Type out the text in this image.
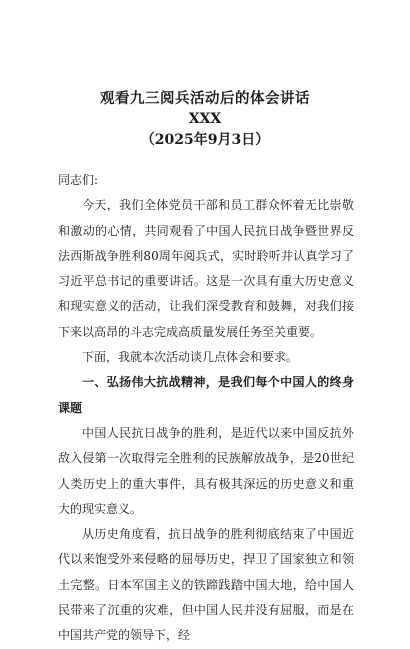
观看九三阅兵活动后的体会讲话
XXX
（2025年9月3日）

同志们:

今天，我们全体党员干部和员工群众怀着无比崇敬和激动的心情，共同观看了中国人民抗日战争暨世界反法西斯战争胜利80周年阅兵式，实时聆听并认真学习了习近平总书记的重要讲话。这是一次具有重大历史意义和现实意义的活动，让我们深受教育和鼓舞，对我们接下来以高昂的斗志完成高质量发展任务至关重要。

下面，我就本次活动谈几点体会和要求。

一、弘扬伟大抗战精神，是我们每个中国人的终身课题

中国人民抗日战争的胜利，是近代以来中国反抗外敌入侵第一次取得完全胜利的民族解放战争，是20世纪人类历史上的重大事件，具有极其深远的历史意义和重大的现实意义。

从历史角度看，抗日战争的胜利彻底结束了中国近代以来饱受外来侵略的屈辱历史，捍卫了国家独立和领土完整。日本军国主义的铁蹄践踏中国大地，给中国人民带来了沉重的灾难，但中国人民并没有屈服，而是在中国共产党的领导下，经
